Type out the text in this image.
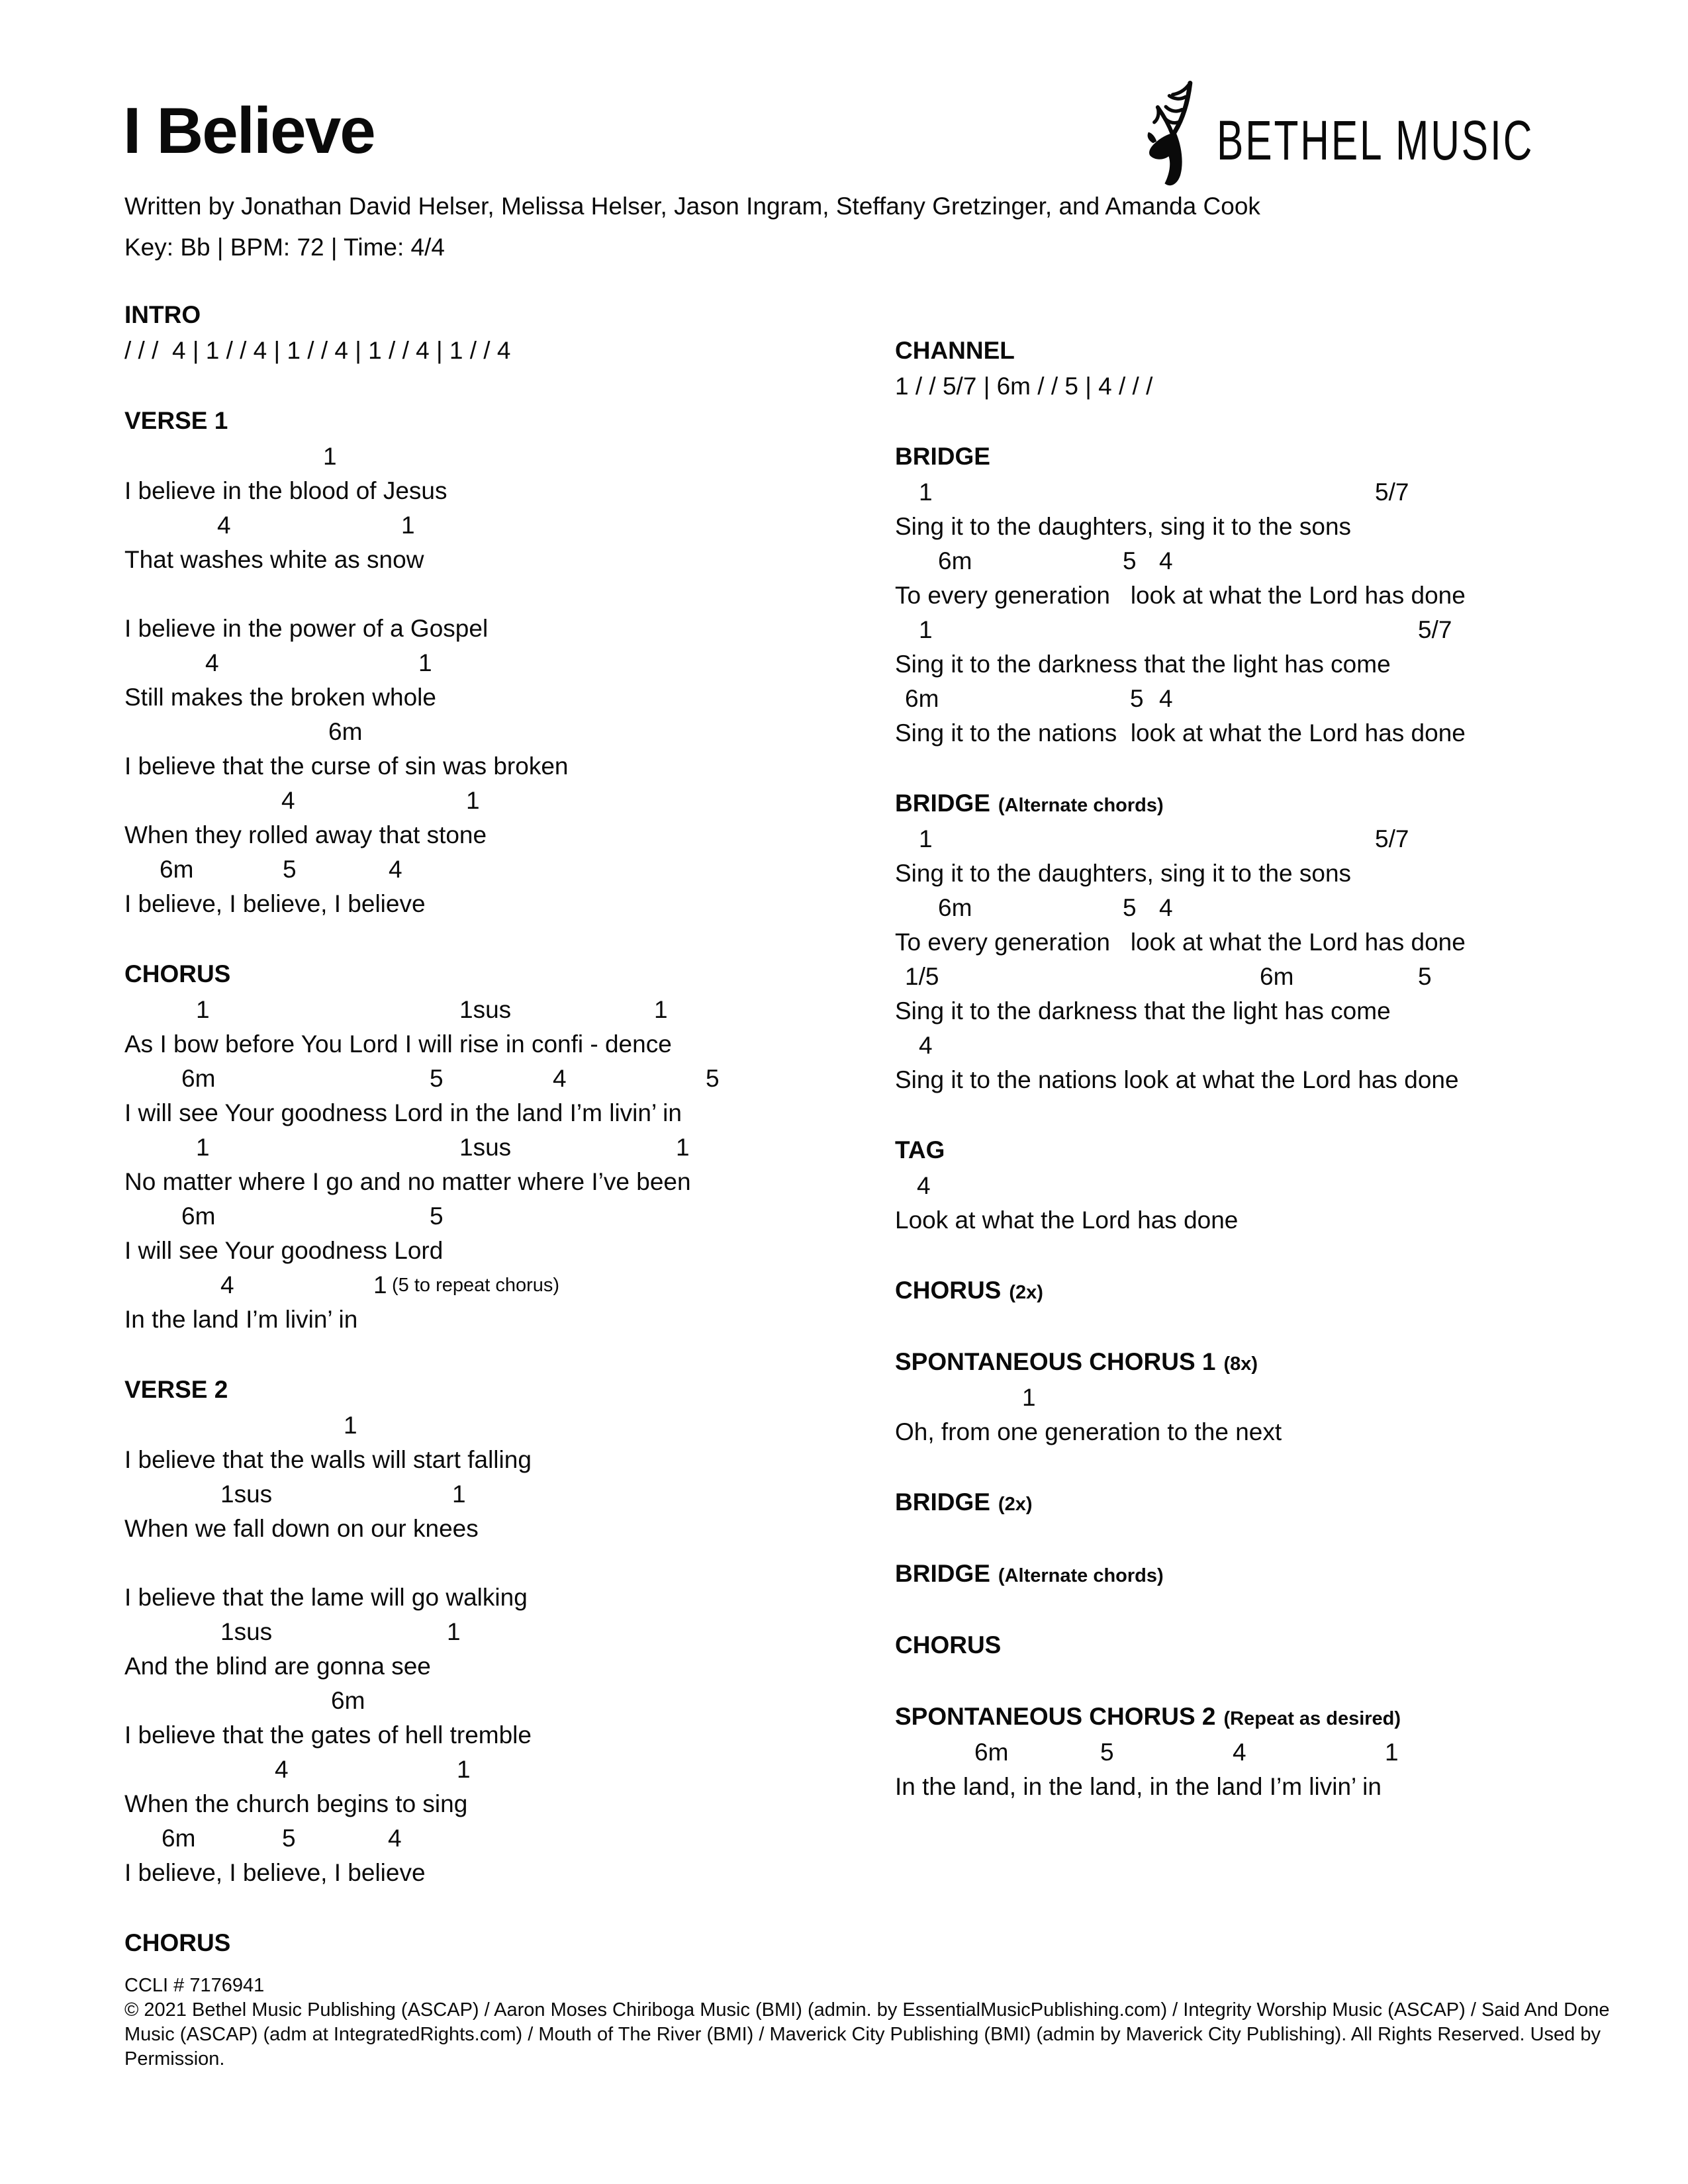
I Believe	BETHEL MUSIC
Written by Jonathan David Helser, Melissa Helser, Jason Ingram, Steffany Gretzinger, and Amanda Cook
Key: Bb | BPM: 72 | Time: 4/4
INTRO
/ / /  4 | 1 / / 4 | 1 / / 4 | 1 / / 4 | 1 / / 4
VERSE 1
1
I believe in the blood of Jesus
4	1
That washes white as snow
I believe in the power of a Gospel
4	1
Still makes the broken whole
6m
I believe that the curse of sin was broken
4	1
When they rolled away that stone
6m	5	4
I believe, I believe, I believe
CHORUS
1	1sus	1
As I bow before You Lord I will rise in confi - dence
6m	5	4	5
I will see Your goodness Lord in the land I’m livin’ in
1	1sus	1
No matter where I go and no matter where I’ve been
6m	5
I will see Your goodness Lord
4	1 (5 to repeat chorus)
In the land I’m livin’ in
VERSE 2
1
I believe that the walls will start falling
1sus	1
When we fall down on our knees
I believe that the lame will go walking
1sus	1
And the blind are gonna see
6m
I believe that the gates of hell tremble
4	1
When the church begins to sing
6m	5	4
I believe, I believe, I believe
CHORUS
CHANNEL
1 / / 5/7 | 6m / / 5 | 4 / / /
BRIDGE
1	5/7
Sing it to the daughters, sing it to the sons
6m	5 4
To every generation   look at what the Lord has done
1	5/7
Sing it to the darkness that the light has come
6m	5 4
Sing it to the nations  look at what the Lord has done
BRIDGE (Alternate chords)
1	5/7
Sing it to the daughters, sing it to the sons
6m	5 4
To every generation   look at what the Lord has done
1/5	6m	5
Sing it to the darkness that the light has come
4
Sing it to the nations look at what the Lord has done
TAG
4
Look at what the Lord has done
CHORUS (2x)
SPONTANEOUS CHORUS 1 (8x)
1
Oh, from one generation to the next
BRIDGE (2x)
BRIDGE (Alternate chords)
CHORUS
SPONTANEOUS CHORUS 2 (Repeat as desired)
6m	5	4	1
In the land, in the land, in the land I’m livin’ in
CCLI # 7176941
© 2021 Bethel Music Publishing (ASCAP) / Aaron Moses Chiriboga Music (BMI) (admin. by EssentialMusicPublishing.com) / Integrity Worship Music (ASCAP) / Said And Done Music (ASCAP) (adm at IntegratedRights.com) / Mouth of The River (BMI) / Maverick City Publishing (BMI) (admin by Maverick City Publishing). All Rights Reserved. Used by Permission.
